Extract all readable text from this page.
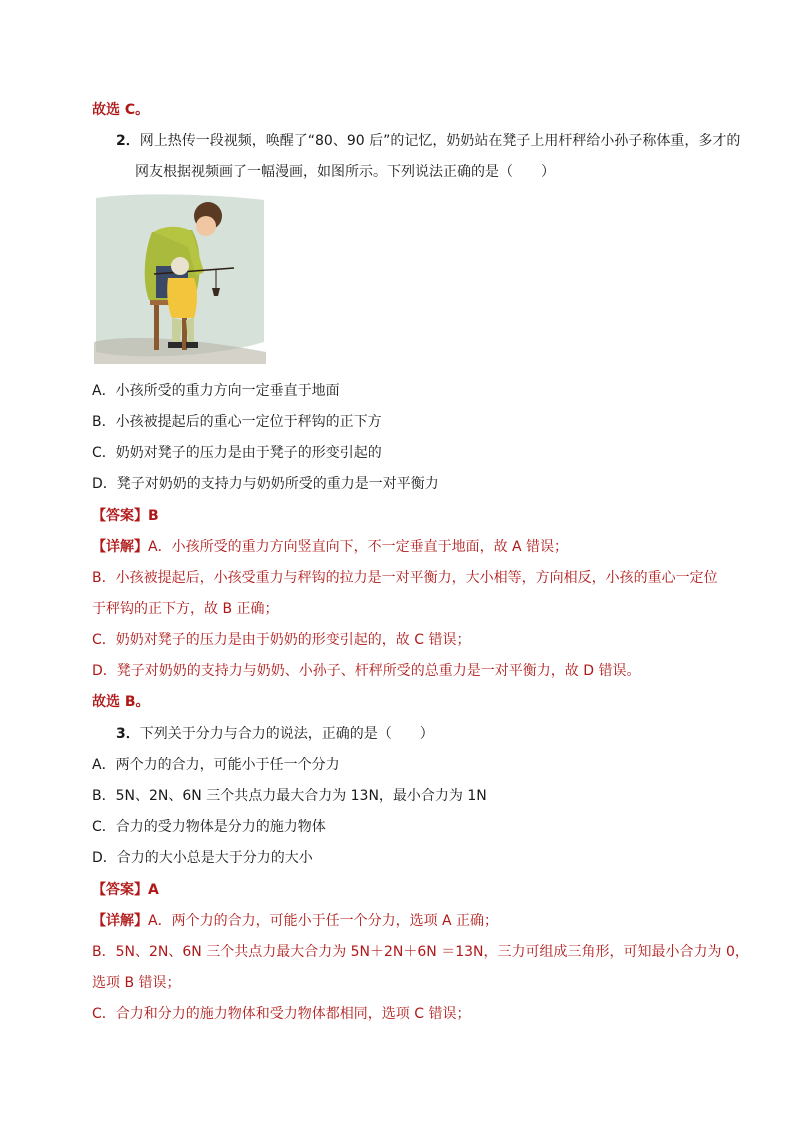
故选 C。
2．网上热传一段视频，唤醒了“80、90 后”的记忆，奶奶站在凳子上用杆秤给小孙子称体重，多才的
网友根据视频画了一幅漫画，如图所示。下列说法正确的是（　　）
A．小孩所受的重力方向一定垂直于地面
B．小孩被提起后的重心一定位于秤钩的正下方
C．奶奶对凳子的压力是由于凳子的形变引起的
D．凳子对奶奶的支持力与奶奶所受的重力是一对平衡力
【答案】B
【详解】A．小孩所受的重力方向竖直向下，不一定垂直于地面，故 A 错误；
B．小孩被提起后，小孩受重力与秤钩的拉力是一对平衡力，大小相等，方向相反，小孩的重心一定位
于秤钩的正下方，故 B 正确；
C．奶奶对凳子的压力是由于奶奶的形变引起的，故 C 错误；
D．凳子对奶奶的支持力与奶奶、小孙子、杆秤所受的总重力是一对平衡力，故 D 错误。
故选 B。
3．下列关于分力与合力的说法，正确的是（　　）
A．两个力的合力，可能小于任一个分力
B．5N、2N、6N 三个共点力最大合力为 13N，最小合力为 1N
C．合力的受力物体是分力的施力物体
D．合力的大小总是大于分力的大小
【答案】A
【详解】A．两个力的合力，可能小于任一个分力，选项 A 正确；
B．5N、2N、6N 三个共点力最大合力为 5N＋2N＋6N ＝13N，三力可组成三角形，可知最小合力为 0，
选项 B 错误；
C．合力和分力的施力物体和受力物体都相同，选项 C 错误；
